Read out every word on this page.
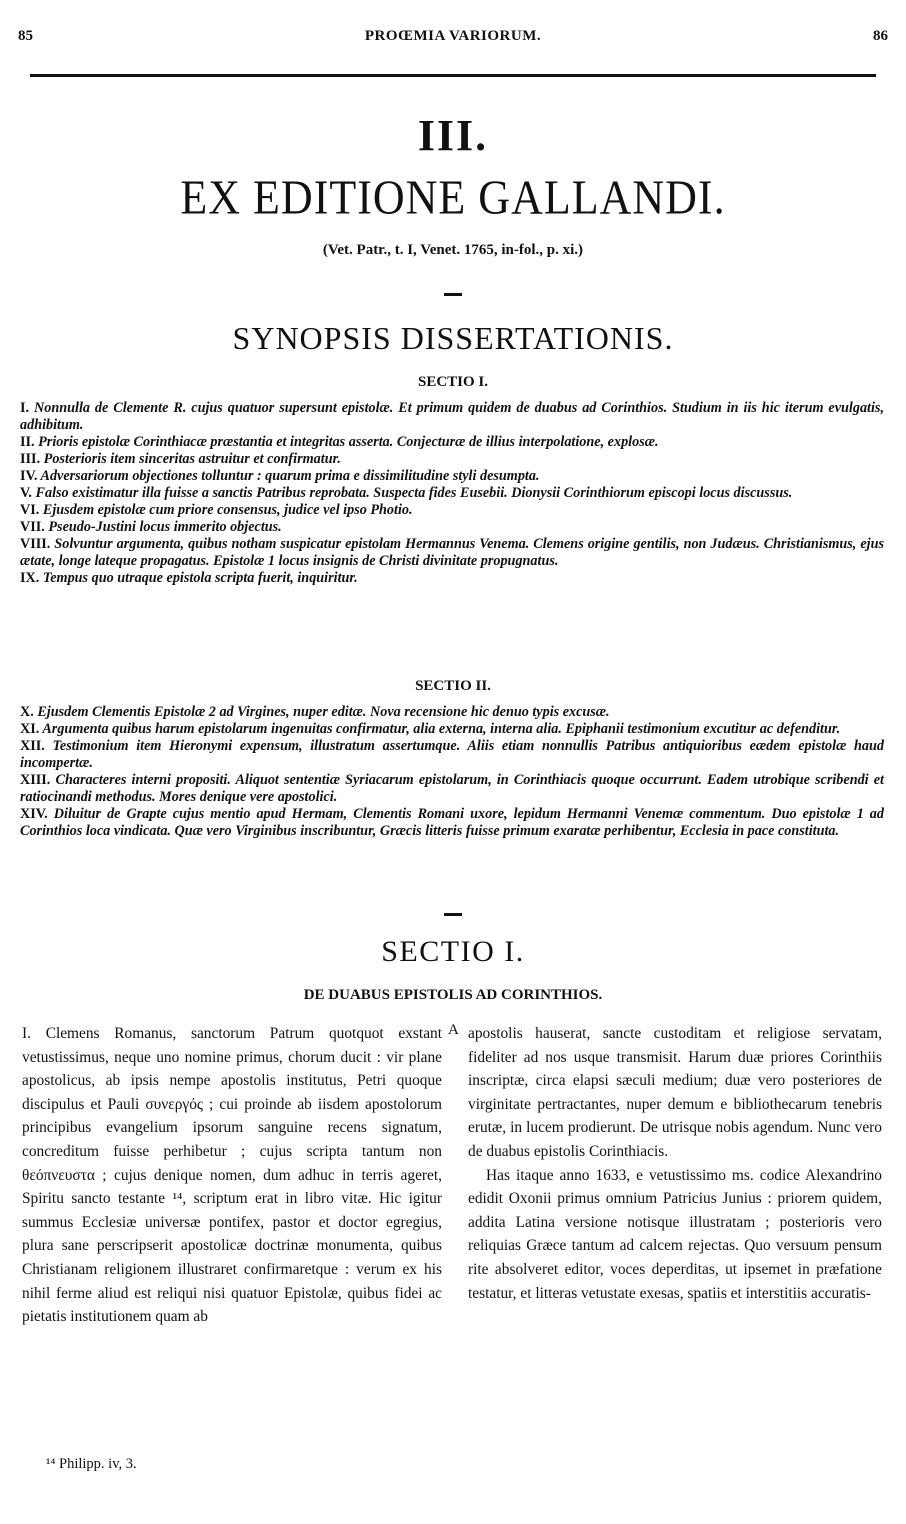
85	PROŒMIA VARIORUM.	86
III.
EX EDITIONE GALLANDI.
(Vet. Patr., t. I, Venet. 1765, in-fol., p. xi.)
SYNOPSIS DISSERTATIONIS.
SECTIO I.

I. Nonnulla de Clemente R. cujus quatuor supersunt epistolæ. Et primum quidem de duabus ad Corinthios. Studium in iis hic iterum evulgatis, adhibitum.

II. Prioris epistolæ Corinthiacæ præstantia et integritas asserta. Conjecturæ de illius interpolatione, explosæ.

III. Posterioris item sinceritas astruitur et confirmatur.

IV. Adversariorum objectiones tolluntur : quarum prima e dissimilitudine styli desumpta.

V. Falso existimatur illa fuisse a sanctis Patribus reprobata. Suspecta fides Eusebii. Dionysii Corinthiorum episcopi locus discussus.

VI. Ejusdem epistolæ cum priore consensus, judice vel ipso Photio.

VII. Pseudo-Justini locus immerito objectus.

VIII. Solvuntur argumenta, quibus notham suspicatur epistolam Hermannus Venema. Clemens origine gentilis, non Judæus. Christianismus, ejus ætate, longe lateque propagatus. Epistolæ 1 locus insignis de Christi divinitate propugnatus.

IX. Tempus quo utraque epistola scripta fuerit, inquiritur.

SECTIO II.

X. Ejusdem Clementis Epistolæ 2 ad Virgines, nuper editæ. Nova recensione hic denuo typis excusæ.

XI. Argumenta quibus harum epistolarum ingenuitas confirmatur, alia externa, interna alia. Epiphanii testimonium excutitur ac defenditur.

XII. Testimonium item Hieronymi expensum, illustratum assertumque. Aliis etiam nonnullis Patribus antiquioribus eædem epistolæ haud incompertæ.

XIII. Characteres interni propositi. Aliquot sententiæ Syriacarum epistolarum, in Corinthiacis quoque occurrunt. Eadem utrobique scribendi et ratiocinandi methodus. Mores denique vere apostolici.

XIV. Diluitur de Grapte cujus mentio apud Hermam, Clementis Romani uxore, lepidum Hermanni Venemæ commentum. Duo epistolæ 1 ad Corinthios loca vindicata. Quæ vero Virginibus inscribuntur, Græcis litteris fuisse primum exaratæ perhibentur, Ecclesia in pace constituta.

SECTIO I.
DE DUABUS EPISTOLIS AD CORINTHIOS.

I. Clemens Romanus, sanctorum Patrum quotquot exstant vetustissimus, neque uno nomine primus, chorum ducit : vir plane apostolicus, ab ipsis nempe apostolis institutus, Petri quoque discipulus et Pauli συνεργός ; cui proinde ab iisdem apostolorum principibus evangelium ipsorum sanguine recens signatum, concreditum fuisse perhibetur ; cujus scripta tantum non θεόπνευστα ; cujus denique nomen, dum adhuc in terris ageret, Spiritu sancto testante ¹⁴, scriptum erat in libro vitæ. Hic igitur summus Ecclesiæ universæ pontifex, pastor et doctor egregius, plura sane perscripserit apostolicæ doctrinæ monumenta, quibus Christianam religionem illustraret confirmaretque : verum ex his nihil ferme aliud est reliqui nisi quatuor Epistolæ, quibus fidei ac pietatis institutionem quam ab

A apostolis hauserat, sancte custoditam et religiose servatam, fideliter ad nos usque transmisit. Harum duæ priores Corinthiis inscriptæ, circa elapsi sæculi medium; duæ vero posteriores de virginitate pertractantes, nuper demum e bibliothecarum tenebris erutæ, in lucem prodierunt. De utrisque nobis agendum. Nunc vero de duabus epistolis Corinthiacis.

Has itaque anno 1633, e vetustissimo ms. codice Alexandrino edidit Oxonii primus omnium Patricius Junius : priorem quidem, addita Latina versione notisque illustratam ; posterioris vero reliquias Græce tantum ad calcem rejectas. Quo versuum pensum rite absolveret editor, voces deperditas, ut ipsemet in præfatione testatur, et litteras vetustate exesas, spatiis et interstitiis accuratis-

¹⁴ Philipp. iv, 3.
